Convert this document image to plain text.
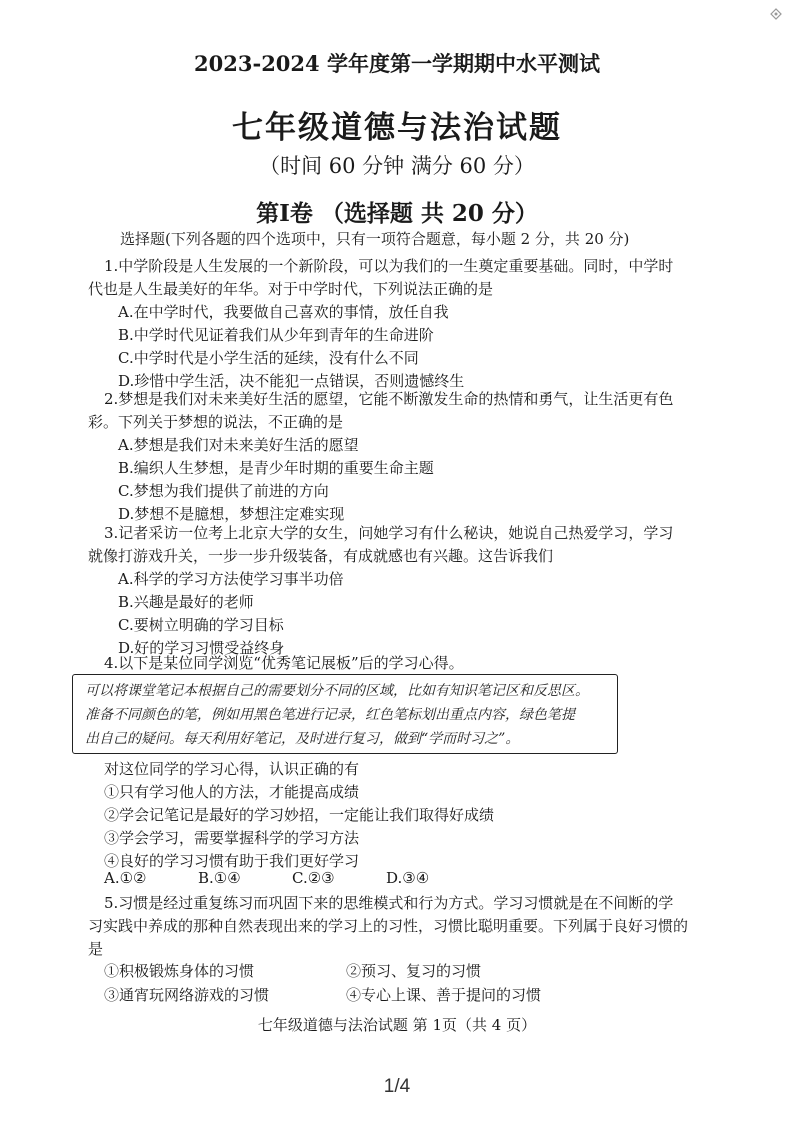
2023-2024 学年度第一学期期中水平测试
七年级道德与法治试题
（时间 60 分钟 满分 60 分）
第Ⅰ卷 （选择题 共 20 分）
选择题(下列各题的四个选项中，只有一项符合题意，每小题 2 分，共 20 分)
1.中学阶段是人生发展的一个新阶段，可以为我们的一生奠定重要基础。同时，中学时
代也是人生最美好的年华。对于中学时代，下列说法正确的是
A.在中学时代，我要做自己喜欢的事情，放任自我
B.中学时代见证着我们从少年到青年的生命进阶
C.中学时代是小学生活的延续，没有什么不同
D.珍惜中学生活，决不能犯一点错误，否则遗憾终生
2.梦想是我们对未来美好生活的愿望，它能不断激发生命的热情和勇气，让生活更有色
彩。下列关于梦想的说法，不正确的是
A.梦想是我们对未来美好生活的愿望
B.编织人生梦想，是青少年时期的重要生命主题
C.梦想为我们提供了前进的方向
D.梦想不是臆想，梦想注定难实现
3.记者采访一位考上北京大学的女生，问她学习有什么秘诀，她说自己热爱学习，学习
就像打游戏升关，一步一步升级装备，有成就感也有兴趣。这告诉我们
A.科学的学习方法使学习事半功倍
B.兴趣是最好的老师
C.要树立明确的学习目标
D.好的学习习惯受益终身
4.以下是某位同学浏览“优秀笔记展板”后的学习心得。
可以将课堂笔记本根据自己的需要划分不同的区域，比如有知识笔记区和反思区。
准备不同颜色的笔，例如用黑色笔进行记录，红色笔标划出重点内容，绿色笔提
出自己的疑问。每天利用好笔记，及时进行复习，做到“学而时习之”。
对这位同学的学习心得，认识正确的有
①只有学习他人的方法，才能提高成绩
②学会记笔记是最好的学习妙招，一定能让我们取得好成绩
③学会学习，需要掌握科学的学习方法
④良好的学习习惯有助于我们更好学习
A.①②	B.①④	C.②③	D.③④
5.习惯是经过重复练习而巩固下来的思维模式和行为方式。学习习惯就是在不间断的学
习实践中养成的那种自然表现出来的学习上的习性，习惯比聪明重要。下列属于良好习惯的
是
①积极锻炼身体的习惯	②预习、复习的习惯
③通宵玩网络游戏的习惯	④专心上课、善于提问的习惯
七年级道德与法治试题 第 1页（共 4 页）
1/4
